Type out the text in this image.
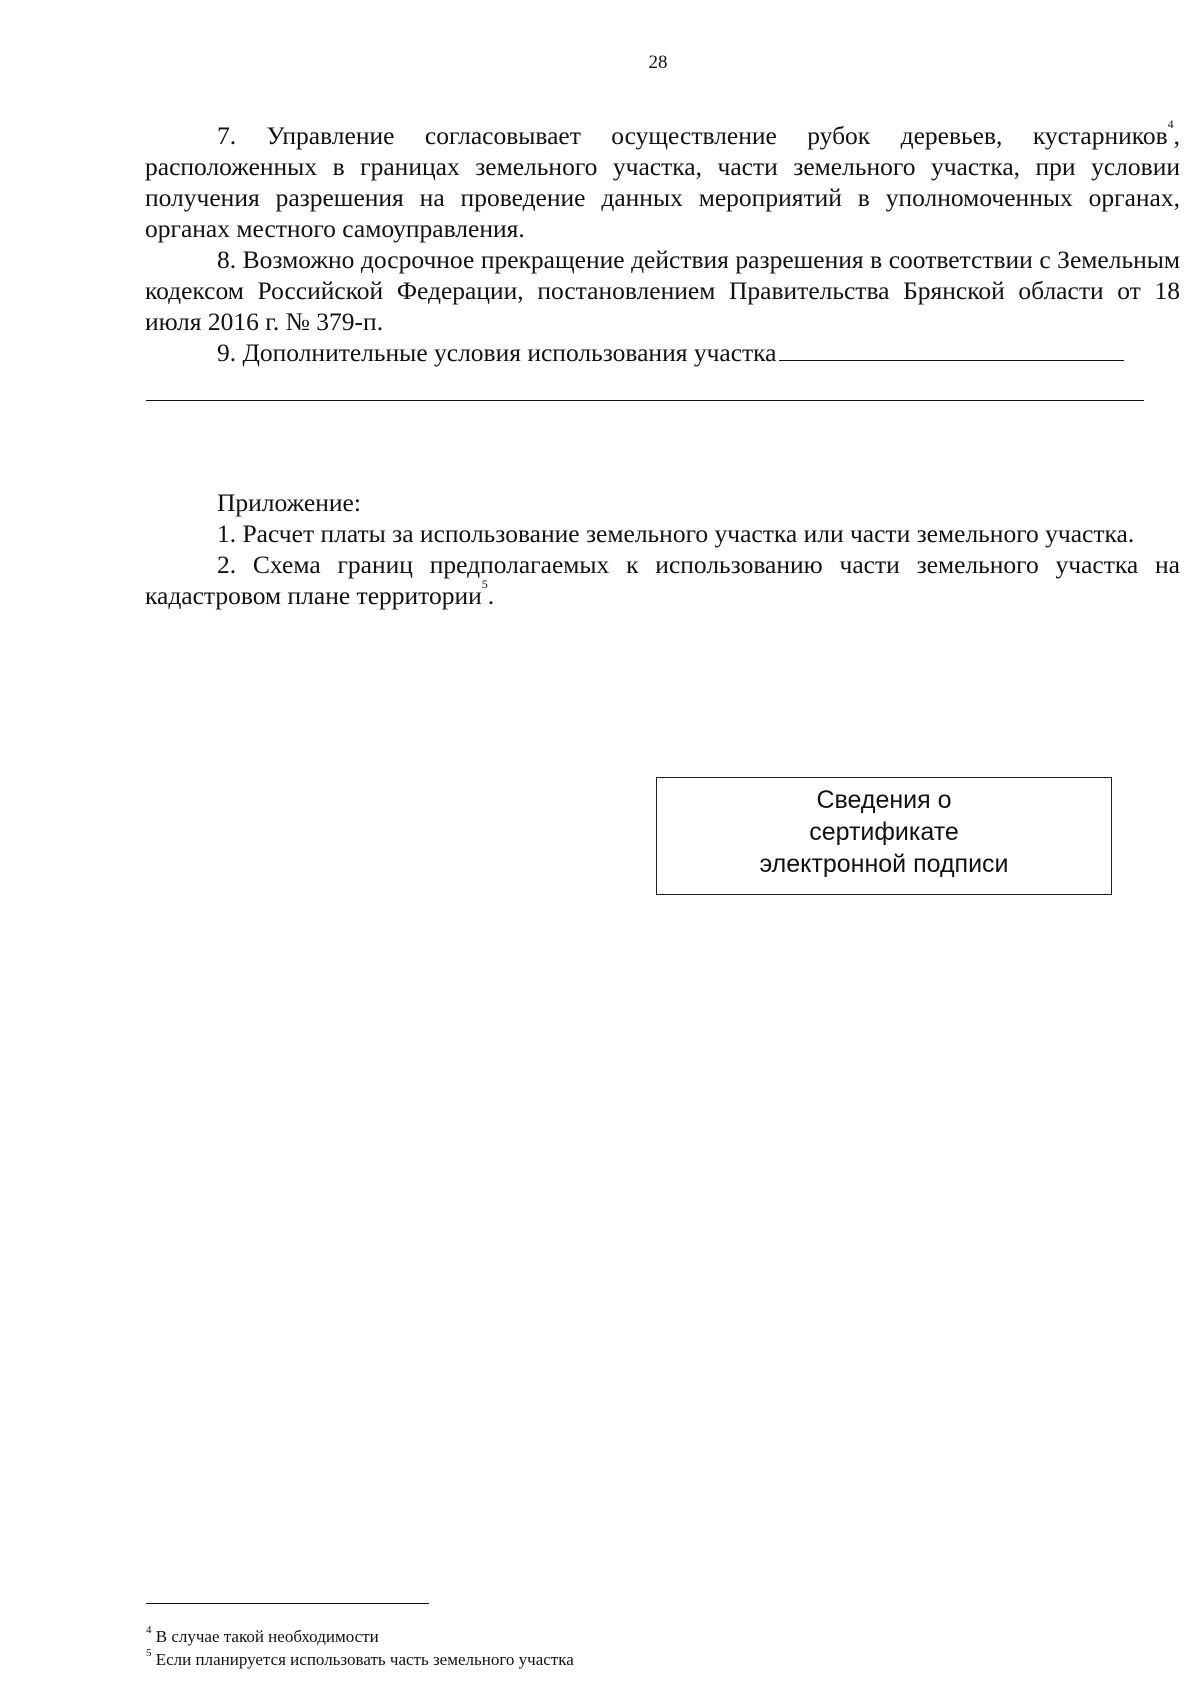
28

7. Управление согласовывает осуществление рубок деревьев, кустарников$^4$, расположенных в границах земельного участка, части земельного участка, при условии получения разрешения на проведение данных мероприятий в уполномоченных органах, органах местного самоуправления.

8. Возможно досрочное прекращение действия разрешения в соответствии с Земельным кодексом Российской Федерации, постановлением Правительства Брянской области от 18 июля 2016 г. № 379-п.

9. Дополнительные условия использования участка

Приложение:

1. Расчет платы за использование земельного участка или части земельного участка.

2. Схема границ предполагаемых к использованию части земельного участка на кадастровом плане территории$^5$.

Сведения о
сертификате
электронной подписи
$^4$ В случае такой необходимости
$^5$ Если планируется использовать часть земельного участка
